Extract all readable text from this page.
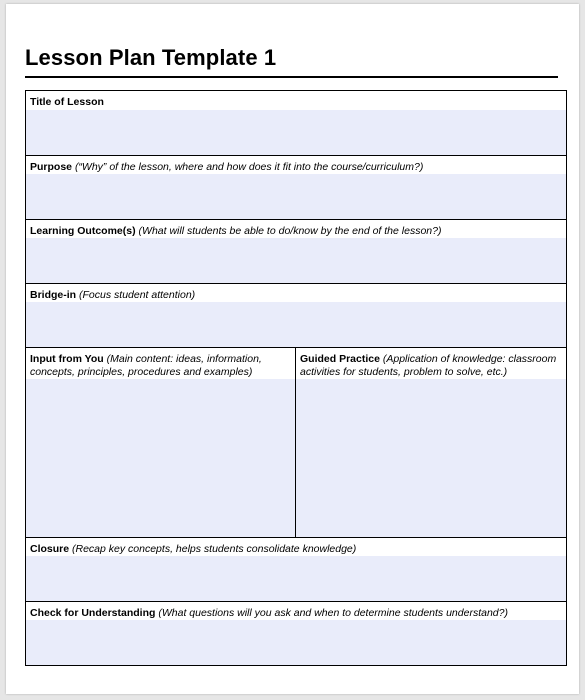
Lesson Plan Template 1
Title of Lesson
Purpose (“Why” of the lesson, where and how does it fit into the course/curriculum?)
Learning Outcome(s) (What will students be able to do/know by the end of the lesson?)
Bridge-in (Focus student attention)
Input from You (Main content: ideas, information, concepts, principles, procedures and examples)
Guided Practice (Application of knowledge: classroom activities for students, problem to solve, etc.)
Closure (Recap key concepts, helps students consolidate knowledge)
Check for Understanding (What questions will you ask and when to determine students understand?)
